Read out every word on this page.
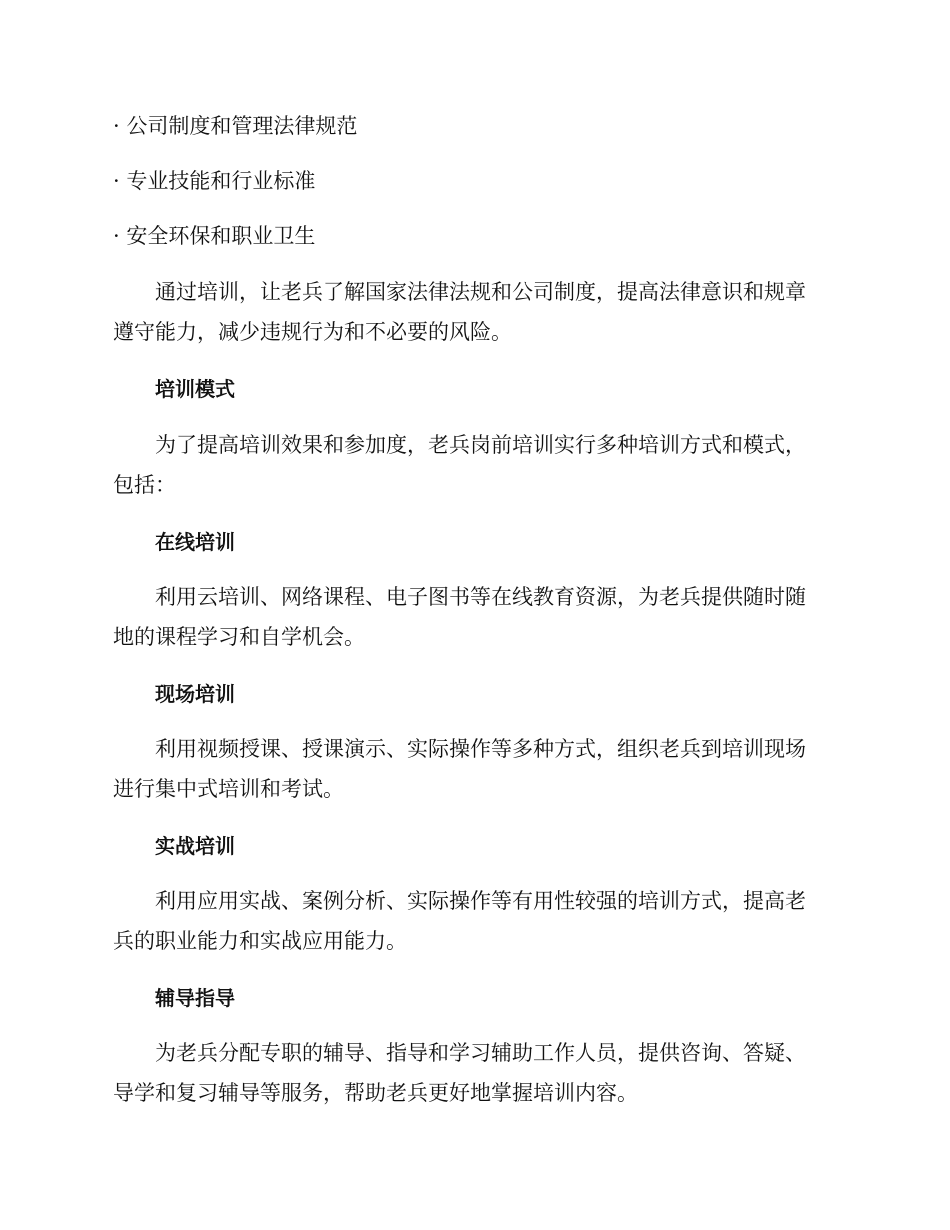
· 公司制度和管理法律规范
· 专业技能和行业标准
· 安全环保和职业卫生
通过培训，让老兵了解国家法律法规和公司制度，提高法律意识和规章
遵守能力，减少违规行为和不必要的风险。
培训模式
为了提高培训效果和参加度，老兵岗前培训实行多种培训方式和模式，
包括：
在线培训
利用云培训、网络课程、电子图书等在线教育资源，为老兵提供随时随
地的课程学习和自学机会。
现场培训
利用视频授课、授课演示、实际操作等多种方式，组织老兵到培训现场
进行集中式培训和考试。
实战培训
利用应用实战、案例分析、实际操作等有用性较强的培训方式，提高老
兵的职业能力和实战应用能力。
辅导指导
为老兵分配专职的辅导、指导和学习辅助工作人员，提供咨询、答疑、
导学和复习辅导等服务，帮助老兵更好地掌握培训内容。
